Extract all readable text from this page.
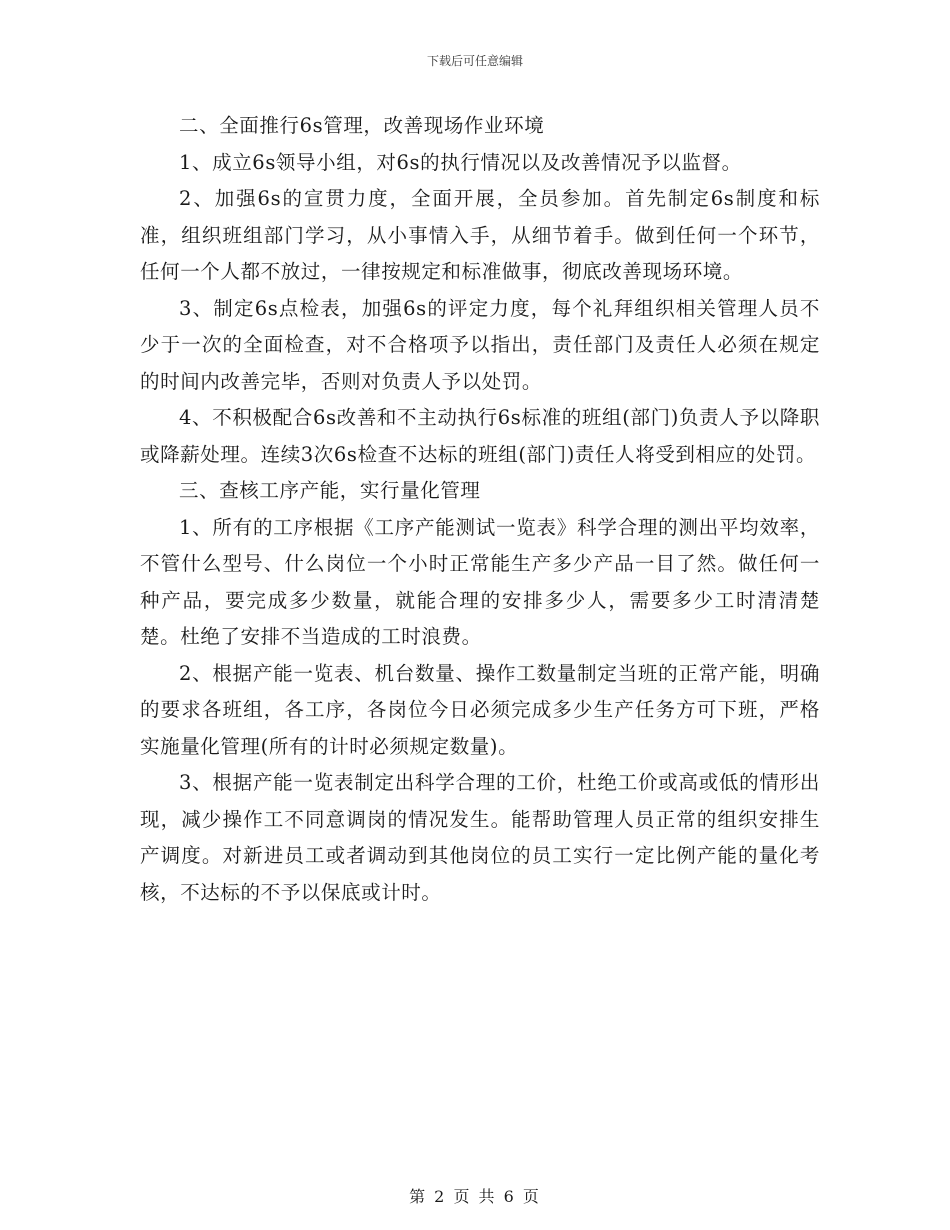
下载后可任意编辑

二、全面推行6s管理，改善现场作业环境

1、成立6s领导小组，对6s的执行情况以及改善情况予以监督。

2、加强6s的宣贯力度，全面开展，全员参加。首先制定6s制度和标准，组织班组部门学习，从小事情入手，从细节着手。做到任何一个环节，任何一个人都不放过，一律按规定和标准做事，彻底改善现场环境。

3、制定6s点检表，加强6s的评定力度，每个礼拜组织相关管理人员不少于一次的全面检查，对不合格项予以指出，责任部门及责任人必须在规定的时间内改善完毕，否则对负责人予以处罚。

4、不积极配合6s改善和不主动执行6s标准的班组(部门)负责人予以降职或降薪处理。连续3次6s检查不达标的班组(部门)责任人将受到相应的处罚。

三、查核工序产能，实行量化管理

1、所有的工序根据《工序产能测试一览表》科学合理的测出平均效率，不管什么型号、什么岗位一个小时正常能生产多少产品一目了然。做任何一种产品，要完成多少数量，就能合理的安排多少人，需要多少工时清清楚楚。杜绝了安排不当造成的工时浪费。

2、根据产能一览表、机台数量、操作工数量制定当班的正常产能，明确的要求各班组，各工序，各岗位今日必须完成多少生产任务方可下班，严格实施量化管理(所有的计时必须规定数量)。

3、根据产能一览表制定出科学合理的工价，杜绝工价或高或低的情形出现，减少操作工不同意调岗的情况发生。能帮助管理人员正常的组织安排生产调度。对新进员工或者调动到其他岗位的员工实行一定比例产能的量化考核，不达标的不予以保底或计时。

第 2 页 共 6 页
